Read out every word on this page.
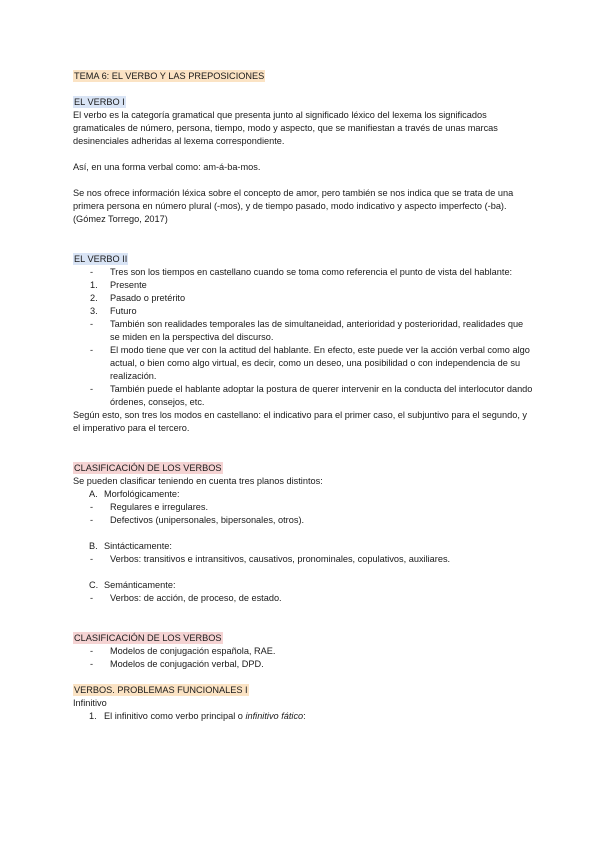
TEMA 6: EL VERBO Y LAS PREPOSICIONES
EL VERBO I

El verbo es la categoría gramatical que presenta junto al significado léxico del lexema los significados gramaticales de número, persona, tiempo, modo y aspecto, que se manifiestan a través de unas marcas desinenciales adheridas al lexema correspondiente.

Así, en una forma verbal como: am-á-ba-mos.

Se nos ofrece información léxica sobre el concepto de amor, pero también se nos indica que se trata de una primera persona en número plural (-mos), y de tiempo pasado, modo indicativo y aspecto imperfecto (-ba).

(Gómez Torrego, 2017)

EL VERBO II
- Tres son los tiempos en castellano cuando se toma como referencia el punto de vista del hablante:
1. Presente
2. Pasado o pretérito
3. Futuro
- También son realidades temporales las de simultaneidad, anterioridad y posterioridad, realidades que se miden en la perspectiva del discurso.
- El modo tiene que ver con la actitud del hablante. En efecto, este puede ver la acción verbal como algo actual, o bien como algo virtual, es decir, como un deseo, una posibilidad o con independencia de su realización.
- También puede el hablante adoptar la postura de querer intervenir en la conducta del interlocutor dando órdenes, consejos, etc.

Según esto, son tres los modos en castellano: el indicativo para el primer caso, el subjuntivo para el segundo, y el imperativo para el tercero.

CLASIFICACIÓN DE LOS VERBOS

Se pueden clasificar teniendo en cuenta tres planos distintos:

A. Morfológicamente:
- Regulares e irregulares.
- Defectivos (unipersonales, bipersonales, otros).
B. Sintácticamente:
- Verbos: transitivos e intransitivos, causativos, pronominales, copulativos, auxiliares.
C. Semánticamente:
- Verbos: de acción, de proceso, de estado.
CLASIFICACIÓN DE LOS VERBOS
- Modelos de conjugación española, RAE.
- Modelos de conjugación verbal, DPD.
VERBOS. PROBLEMAS FUNCIONALES I

Infinitivo

1. El infinitivo como verbo principal o infinitivo fático:
